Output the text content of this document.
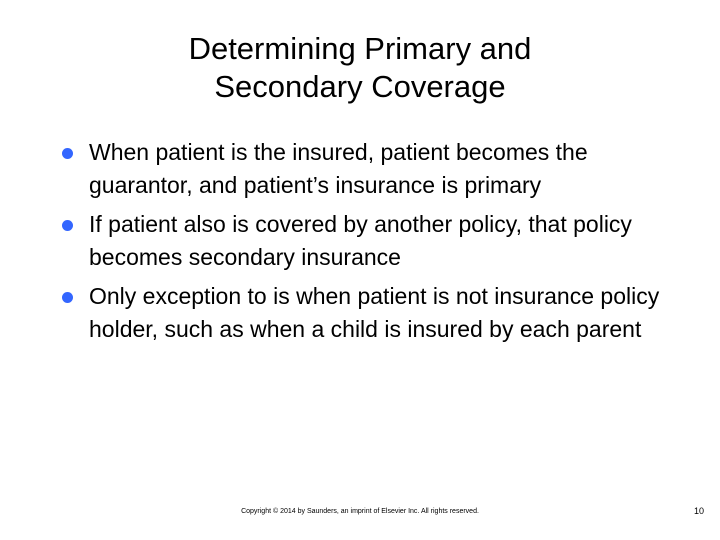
Determining Primary and
Secondary Coverage
When patient is the insured, patient becomes the guarantor, and patient’s insurance is primary
If patient also is covered by another policy, that policy becomes secondary insurance
Only exception to is when patient is not insurance policy holder, such as when a child is insured by each parent
Copyright © 2014 by Saunders, an imprint of Elsevier Inc. All rights reserved.	10
